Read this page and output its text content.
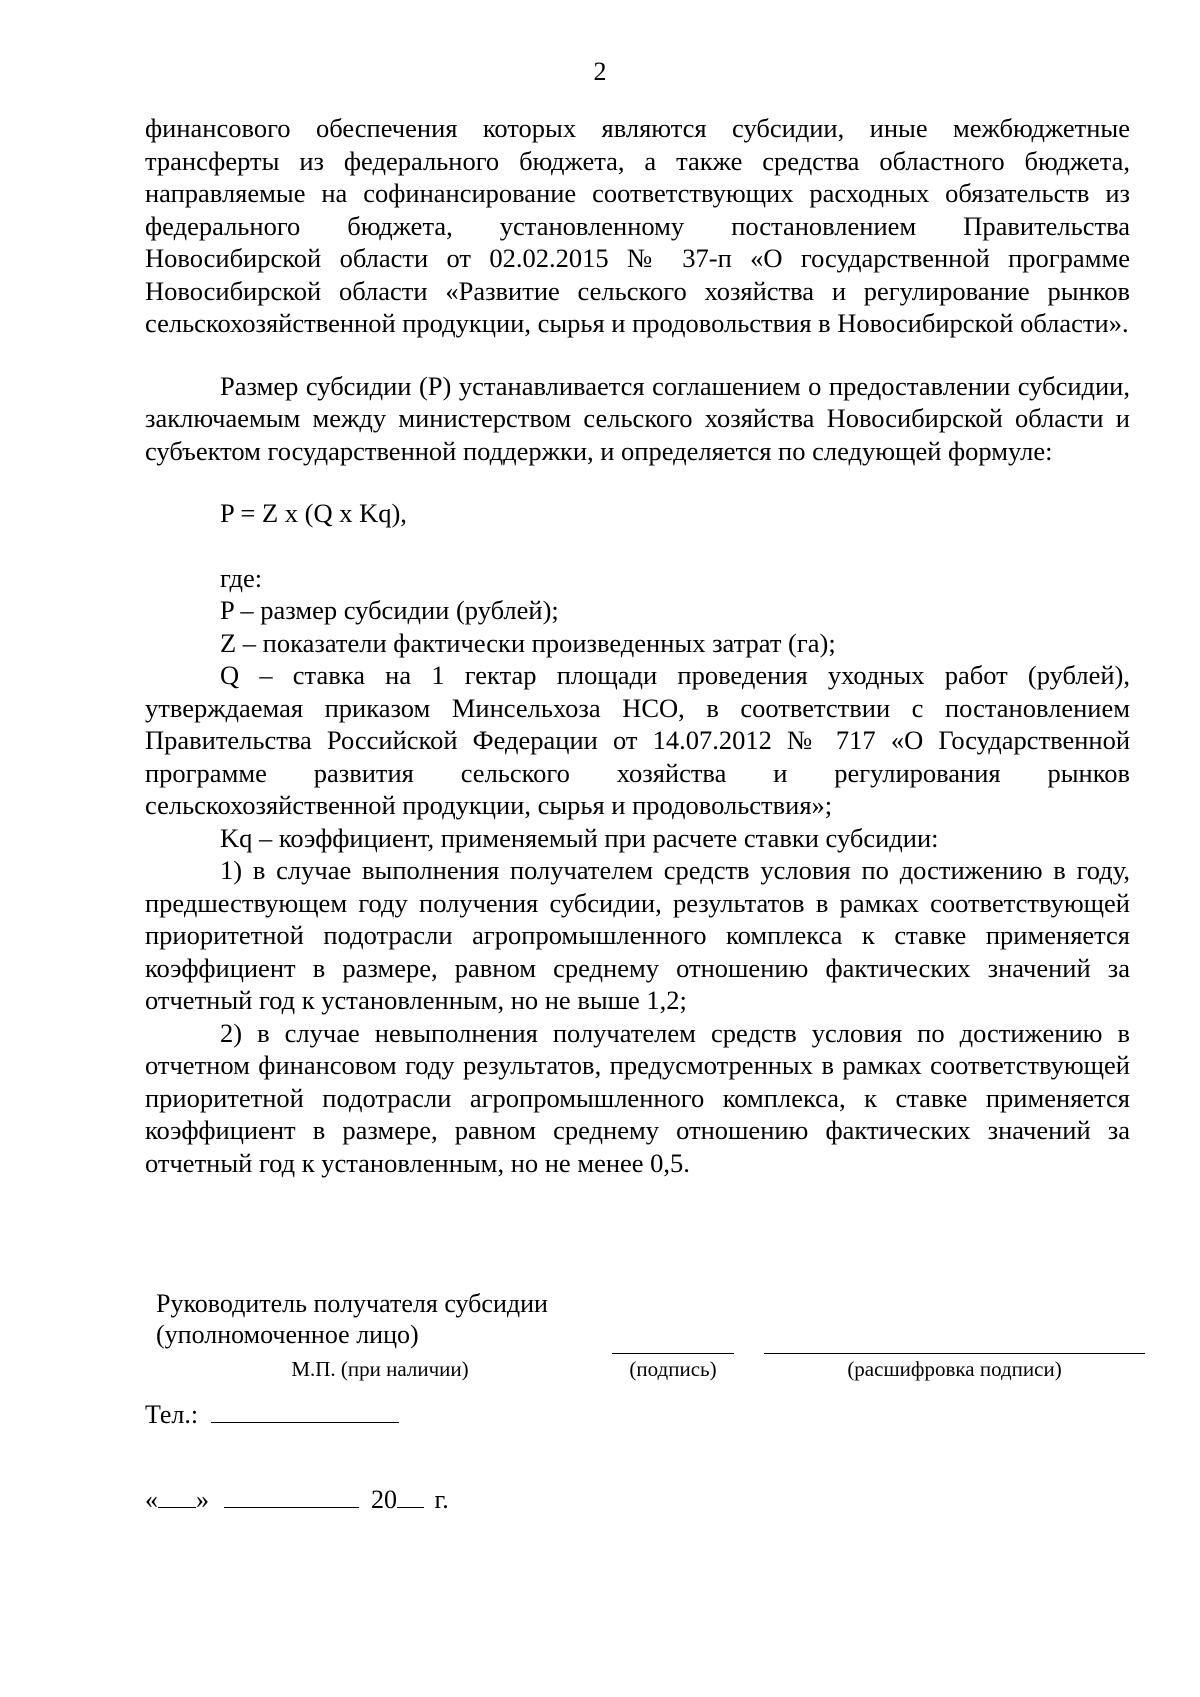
2

финансового обеспечения которых являются субсидии, иные межбюджетные трансферты из федерального бюджета, а также средства областного бюджета, направляемые на софинансирование соответствующих расходных обязательств из федерального бюджета, установленному постановлением Правительства Новосибирской области от 02.02.2015 № 37-п «О государственной программе Новосибирской области «Развитие сельского хозяйства и регулирование рынков сельскохозяйственной продукции, сырья и продовольствия в Новосибирской области».

Размер субсидии (Р) устанавливается соглашением о предоставлении субсидии, заключаемым между министерством сельского хозяйства Новосибирской области и субъектом государственной поддержки, и определяется по следующей формуле:

P = Z x (Q x Kq),

где:

P – размер субсидии (рублей);

Z – показатели фактически произведенных затрат (га);

Q – ставка на 1 гектар площади проведения уходных работ (рублей), утверждаемая приказом Минсельхоза НСО, в соответствии с постановлением Правительства Российской Федерации от 14.07.2012 № 717 «О Государственной программе развития сельского хозяйства и регулирования рынков сельскохозяйственной продукции, сырья и продовольствия»;

Kq – коэффициент, применяемый при расчете ставки субсидии:

1) в случае выполнения получателем средств условия по достижению в году, предшествующем году получения субсидии, результатов в рамках соответствующей приоритетной подотрасли агропромышленного комплекса к ставке применяется коэффициент в размере, равном среднему отношению фактических значений за отчетный год к установленным, но не выше 1,2;

2) в случае невыполнения получателем средств условия по достижению в отчетном финансовом году результатов, предусмотренных в рамках соответствующей приоритетной подотрасли агропромышленного комплекса, к ставке применяется коэффициент в размере, равном среднему отношению фактических значений за отчетный год к установленным, но не менее 0,5.

Руководитель получателя субсидии
(уполномоченное лицо)
М.П. (при наличии)	(подпись)	(расшифровка подписи)
Тел.:
« »	20 г.
